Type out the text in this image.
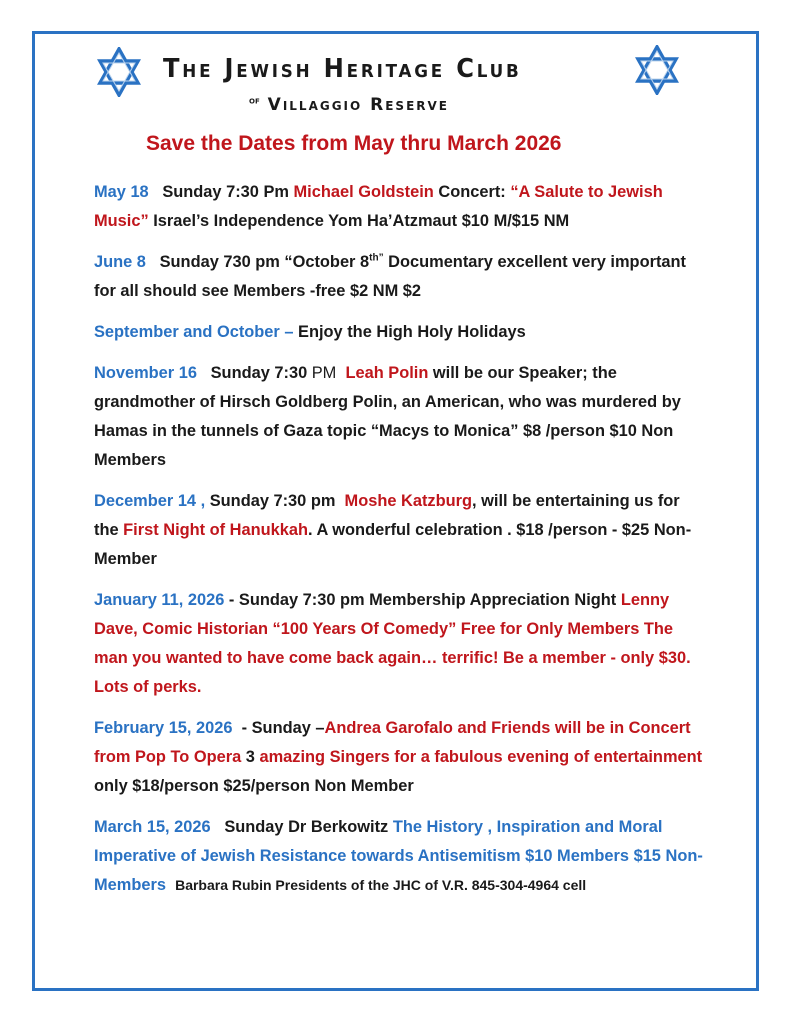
The Jewish Heritage Club
$^{of}$ Villaggio Reserve
Save the Dates from May thru March 2026
May 18 Sunday 7:30 Pm Michael Goldstein Concert: “A Salute to Jewish Music” Israel’s Independence Yom Ha’Atzmaut $10 M/$15 NM
June 8 Sunday 730 pm “October $8^{th”}$ Documentary excellent very important for all should see Members -free $2 NM $2
September and October – Enjoy the High Holy Holidays
November 16 Sunday 7:30 PM Leah Polin will be our Speaker; the grandmother of Hirsch Goldberg Polin, an American, who was murdered by Hamas in the tunnels of Gaza topic “Macys to Monica” $8 /person $10 Non Members
December 14 , Sunday 7:30 pm Moshe Katzburg, will be entertaining us for the First Night of Hanukkah. A wonderful celebration . $18 /person - $25 Non-Member
January 11, 2026 - Sunday 7:30 pm Membership Appreciation Night Lenny Dave, Comic Historian “100 Years Of Comedy” Free for Only Members The man you wanted to have come back again… terrific! Be a member - only $30. Lots of perks.
February 15, 2026 - Sunday –Andrea Garofalo and Friends will be in Concert from Pop To Opera 3 amazing Singers for a fabulous evening of entertainment only $18/person $25/person Non Member
March 15, 2026 Sunday Dr Berkowitz The History , Inspiration and Moral Imperative of Jewish Resistance towards Antisemitism $10 Members $15 Non-Members Barbara Rubin Presidents of the JHC of V.R. 845-304-4964 cell
